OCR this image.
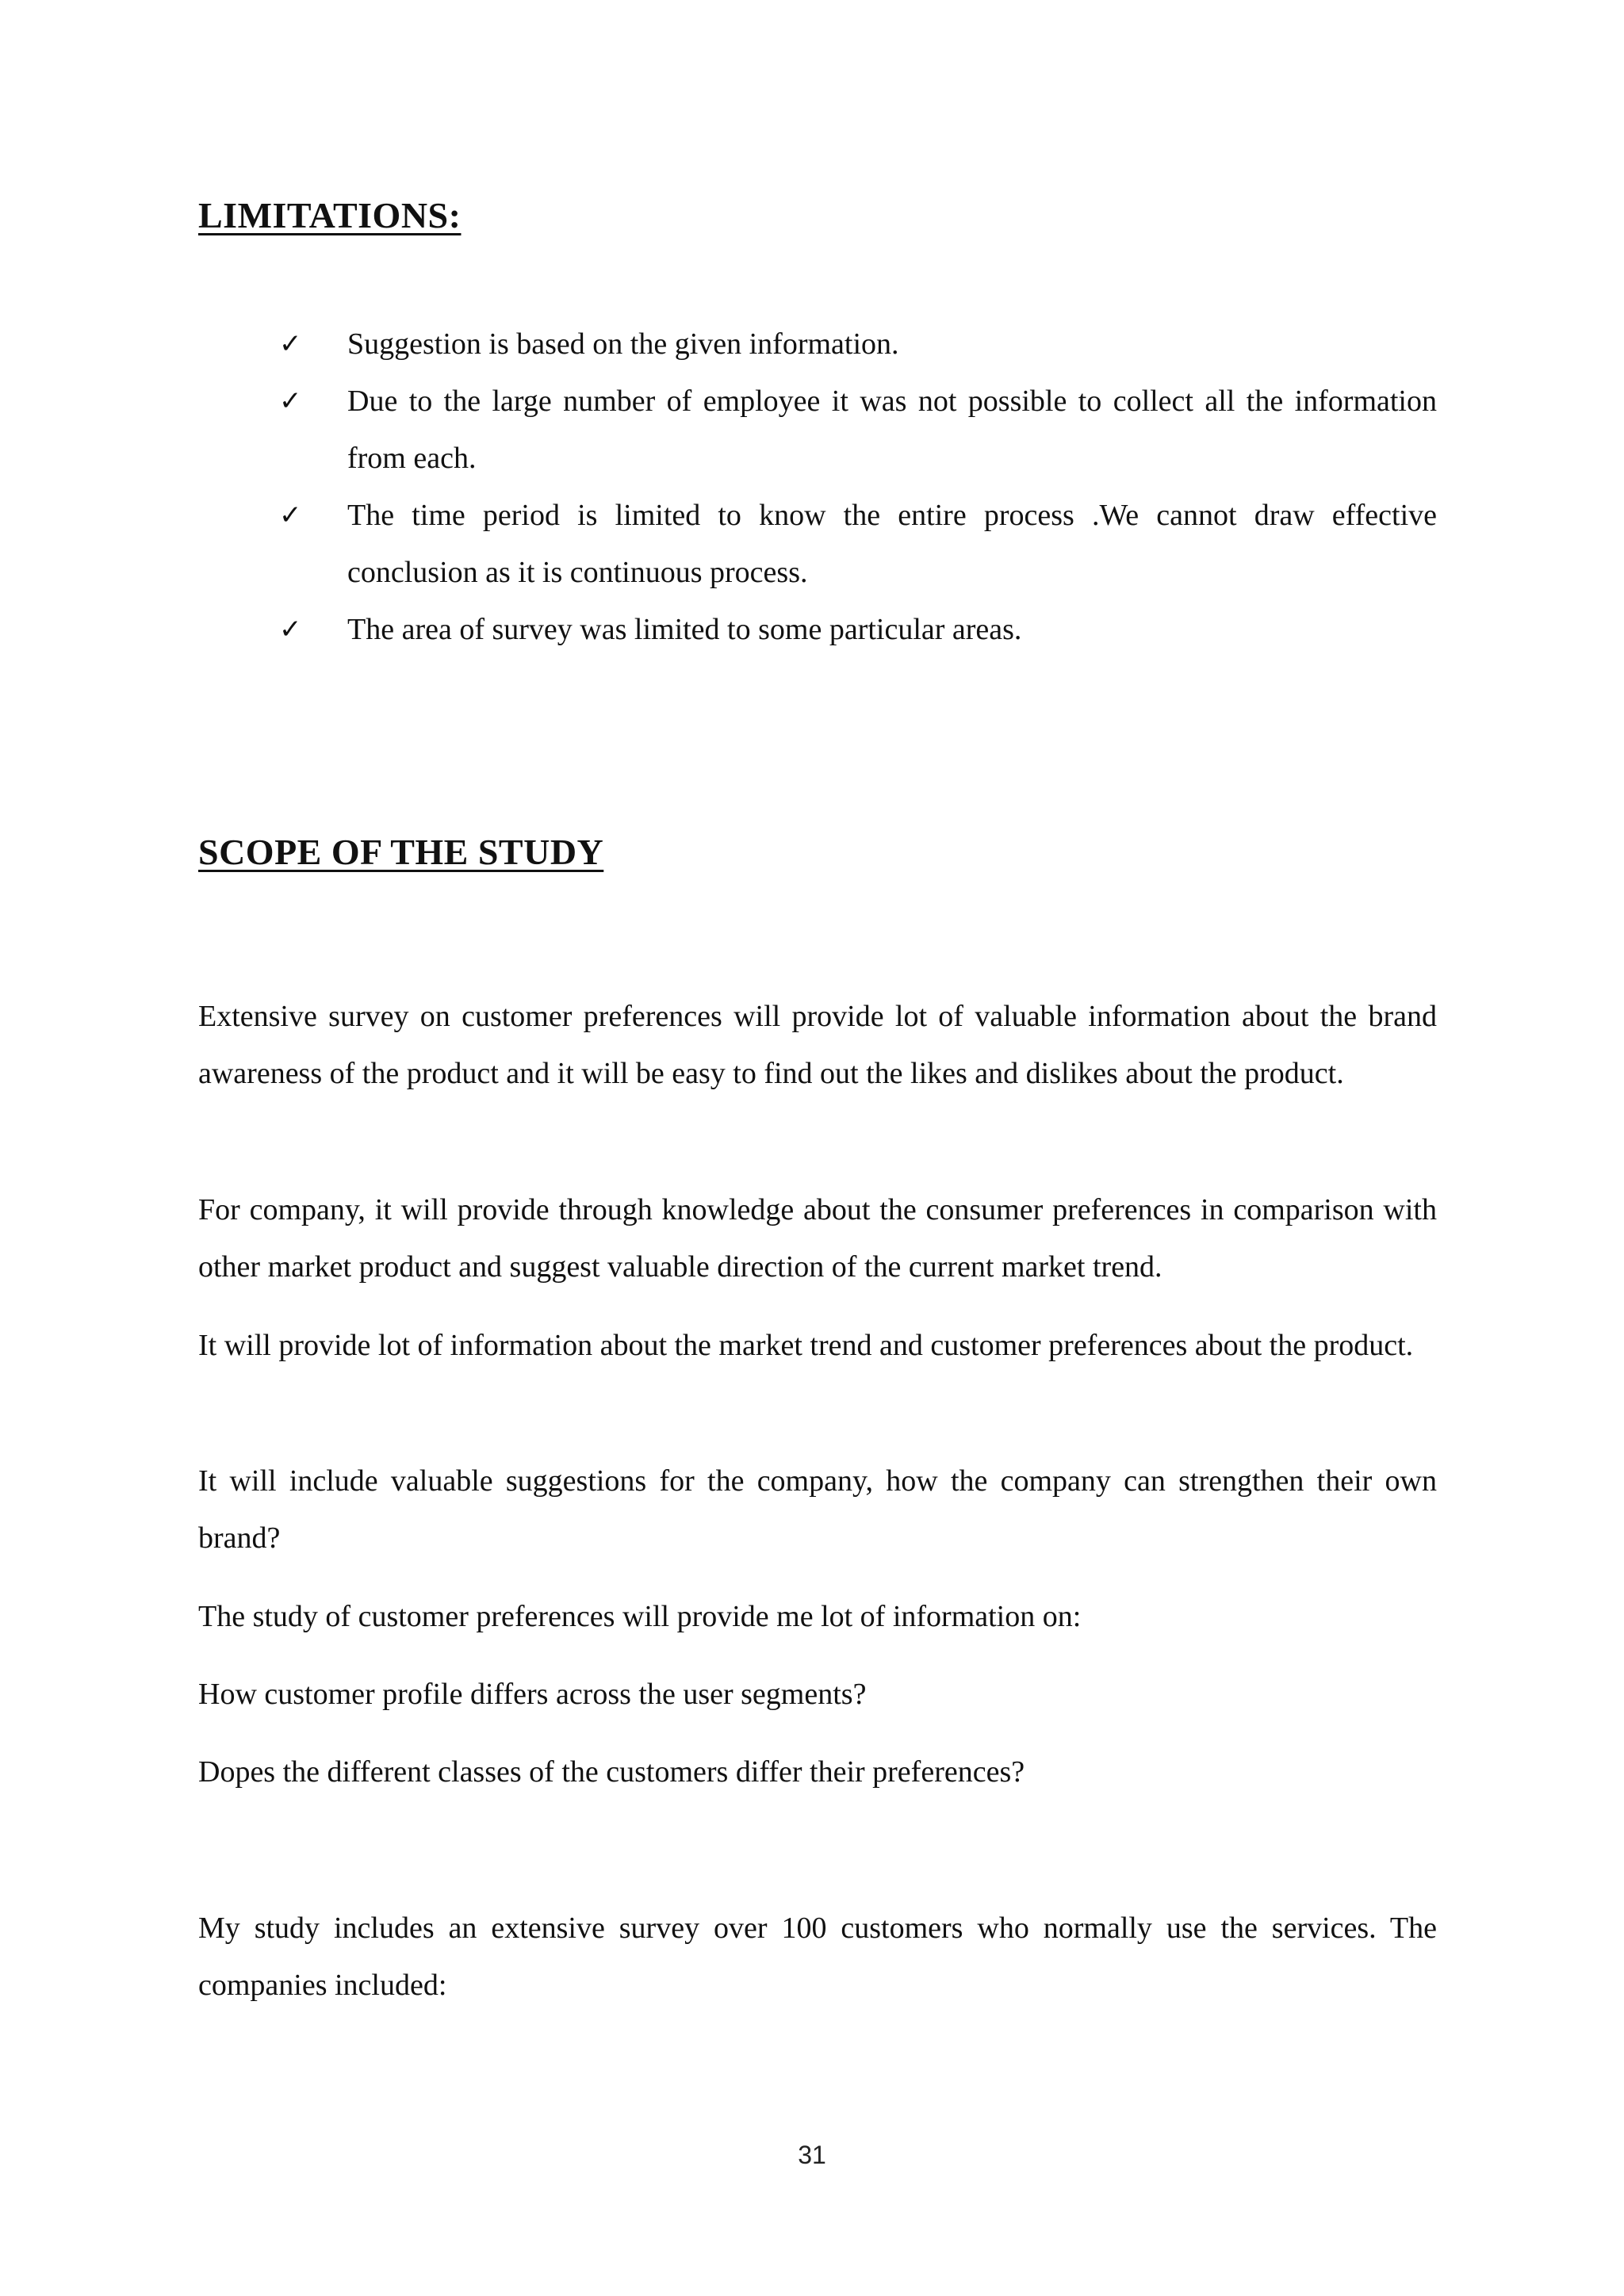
LIMITATIONS:
✓ Suggestion is based on the given information.
✓ Due to the large number of employee it was not possible to collect all the information from each.
✓ The time period is limited to know the entire process .We cannot draw effective conclusion as it is continuous process.
✓ The area of survey was limited to some particular areas.
SCOPE OF THE STUDY

Extensive survey on customer preferences will provide lot of valuable information about the brand awareness of the product and it will be easy to find out the likes and dislikes about the product.

For company, it will provide through knowledge about the consumer preferences in comparison with other market product and suggest valuable direction of the current market trend.

It will provide lot of information about the market trend and customer preferences about the product.

It will include valuable suggestions for the company, how the company can strengthen their own brand?

The study of customer preferences will provide me lot of information on:

How customer profile differs across the user segments?

Dopes the different classes of the customers differ their preferences?

My study includes an extensive survey over 100 customers who normally use the services. The companies included:

31
